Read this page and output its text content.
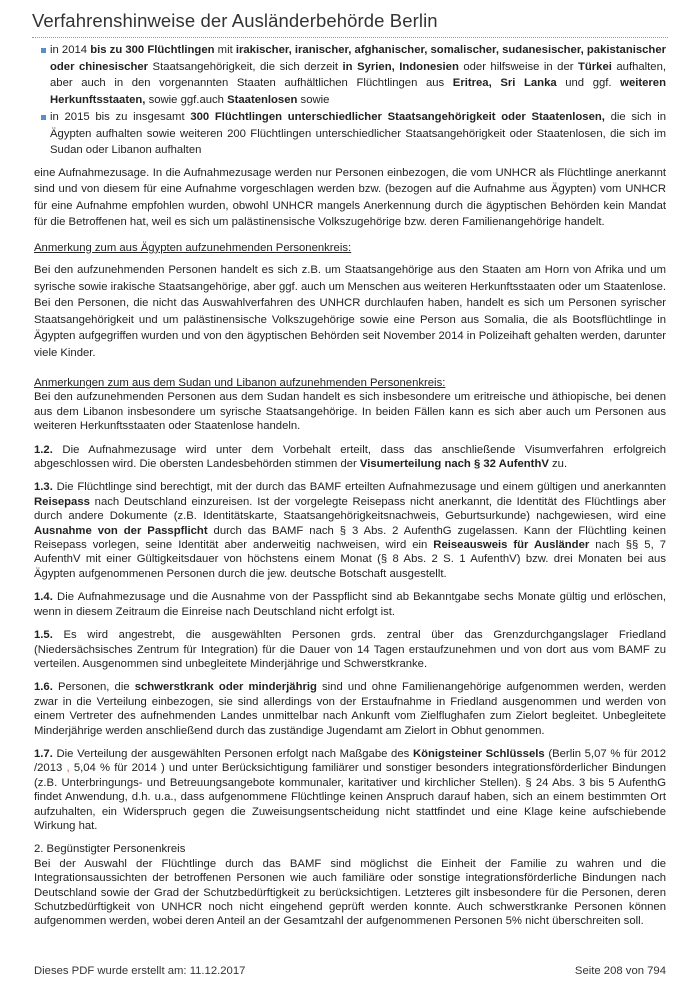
Verfahrenshinweise der Ausländerbehörde Berlin
in 2014 bis zu 300 Flüchtlingen mit irakischer, iranischer, afghanischer, somalischer, sudanesischer, pakistanischer oder chinesischer Staatsangehörigkeit, die sich derzeit in Syrien, Indonesien oder hilfsweise in der Türkei aufhalten, aber auch in den vorgenannten Staaten aufhältlichen Flüchtlingen aus Eritrea, Sri Lanka und ggf. weiteren Herkunftsstaaten, sowie ggf.auch Staatenlosen sowie
in 2015 bis zu insgesamt 300 Flüchtlingen unterschiedlicher Staatsangehörigkeit oder Staatenlosen, die sich in Ägypten aufhalten sowie weiteren 200 Flüchtlingen unterschiedlicher Staatsangehörigkeit oder Staatenlosen, die sich im Sudan oder Libanon aufhalten

eine Aufnahmezusage. In die Aufnahmezusage werden nur Personen einbezogen, die vom UNHCR als Flüchtlinge anerkannt sind und von diesem für eine Aufnahme vorgeschlagen werden bzw. (bezogen auf die Aufnahme aus Ägypten) vom UNHCR für eine Aufnahme empfohlen wurden, obwohl UNHCR mangels Anerkennung durch die ägyptischen Behörden kein Mandat für die Betroffenen hat, weil es sich um palästinensische Volkszugehörige bzw. deren Familienangehörige handelt.

Anmerkung zum aus Ägypten aufzunehmenden Personenkreis:

Bei den aufzunehmenden Personen handelt es sich z.B. um Staatsangehörige aus den Staaten am Horn von Afrika und um syrische sowie irakische Staatsangehörige, aber ggf. auch um Menschen aus weiteren Herkunftsstaaten oder um Staatenlose. Bei den Personen, die nicht das Auswahlverfahren des UNHCR durchlaufen haben, handelt es sich um Personen syrischer Staatsangehörigkeit und um palästinensische Volkszugehörige sowie eine Person aus Somalia, die als Bootsflüchtlinge in Ägypten aufgegriffen wurden und von den ägyptischen Behörden seit November 2014 in Polizeihaft gehalten werden, darunter viele Kinder.

Anmerkungen zum aus dem Sudan und Libanon aufzunehmenden Personenkreis:

Bei den aufzunehmenden Personen aus dem Sudan handelt es sich insbesondere um eritreische und äthiopische, bei denen aus dem Libanon insbesondere um syrische Staatsangehörige. In beiden Fällen kann es sich aber auch um Personen aus weiteren Herkunftsstaaten oder Staatenlose handeln.

1.2. Die Aufnahmezusage wird unter dem Vorbehalt erteilt, dass das anschließende Visumverfahren erfolgreich abgeschlossen wird. Die obersten Landesbehörden stimmen der Visumerteilung nach § 32 AufenthV zu.

1.3. Die Flüchtlinge sind berechtigt, mit der durch das BAMF erteilten Aufnahmezusage und einem gültigen und anerkannten Reisepass nach Deutschland einzureisen. Ist der vorgelegte Reisepass nicht anerkannt, die Identität des Flüchtlings aber durch andere Dokumente (z.B. Identitätskarte, Staatsangehörigkeitsnachweis, Geburtsurkunde) nachgewiesen, wird eine Ausnahme von der Passpflicht durch das BAMF nach § 3 Abs. 2 AufenthG zugelassen. Kann der Flüchtling keinen Reisepass vorlegen, seine Identität aber anderweitig nachweisen, wird ein Reiseausweis für Ausländer nach §§ 5, 7 AufenthV mit einer Gültigkeitsdauer von höchstens einem Monat (§ 8 Abs. 2 S. 1 AufenthV) bzw. drei Monaten bei aus Ägypten aufgenommenen Personen durch die jew. deutsche Botschaft ausgestellt.

1.4. Die Aufnahmezusage und die Ausnahme von der Passpflicht sind ab Bekanntgabe sechs Monate gültig und erlöschen, wenn in diesem Zeitraum die Einreise nach Deutschland nicht erfolgt ist.

1.5. Es wird angestrebt, die ausgewählten Personen grds. zentral über das Grenzdurchgangslager Friedland (Niedersächsisches Zentrum für Integration) für die Dauer von 14 Tagen erstaufzunehmen und von dort aus vom BAMF zu verteilen. Ausgenommen sind unbegleitete Minderjährige und Schwerstkranke.

1.6. Personen, die schwerstkrank oder minderjährig sind und ohne Familienangehörige aufgenommen werden, werden zwar in die Verteilung einbezogen, sie sind allerdings von der Erstaufnahme in Friedland ausgenommen und werden von einem Vertreter des aufnehmenden Landes unmittelbar nach Ankunft vom Zielflughafen zum Zielort begleitet. Unbegleitete Minderjährige werden anschließend durch das zuständige Jugendamt am Zielort in Obhut genommen.

1.7. Die Verteilung der ausgewählten Personen erfolgt nach Maßgabe des Königsteiner Schlüssels (Berlin 5,07 % für 2012 /2013 , 5,04 % für 2014 ) und unter Berücksichtigung familiärer und sonstiger besonders integrationsförderlicher Bindungen (z.B. Unterbringungs- und Betreuungsangebote kommunaler, karitativer und kirchlicher Stellen). § 24 Abs. 3 bis 5 AufenthG findet Anwendung, d.h. u.a., dass aufgenommene Flüchtlinge keinen Anspruch darauf haben, sich an einem bestimmten Ort aufzuhalten, ein Widerspruch gegen die Zuweisungsentscheidung nicht stattfindet und eine Klage keine aufschiebende Wirkung hat.

2. Begünstigter Personenkreis

Bei der Auswahl der Flüchtlinge durch das BAMF sind möglichst die Einheit der Familie zu wahren und die Integrationsaussichten der betroffenen Personen wie auch familiäre oder sonstige integrationsförderliche Bindungen nach Deutschland sowie der Grad der Schutzbedürftigkeit zu berücksichtigen. Letzteres gilt insbesondere für die Personen, deren Schutzbedürftigkeit von UNHCR noch nicht eingehend geprüft werden konnte. Auch schwerstkranke Personen können aufgenommen werden, wobei deren Anteil an der Gesamtzahl der aufgenommenen Personen 5% nicht überschreiten soll.

Dieses PDF wurde erstellt am: 11.12.2017	Seite 208 von 794
